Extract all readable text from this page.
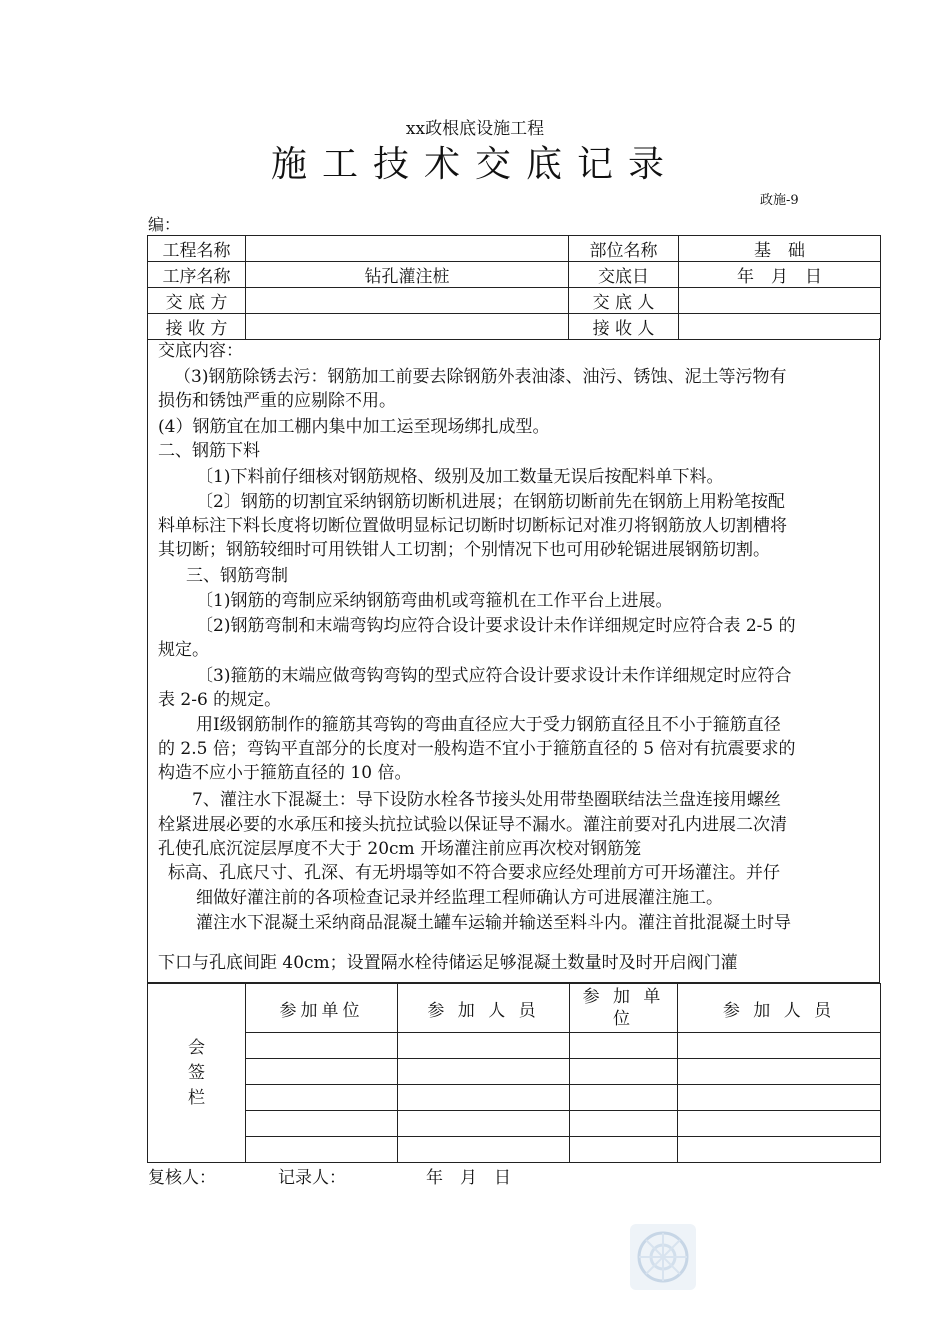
xx政根底设施工程
施工技术交底记录
政施-9
编：
工程名称		部位名称	基　础
工序名称	钻孔灌注桩	交底日	年　月　日
交 底 方		交 底 人	
接 收 方		接 收 人	
交底内容：
（3)钢筋除锈去污：钢筋加工前要去除钢筋外表油漆、油污、锈蚀、泥土等污物有
损伤和锈蚀严重的应剔除不用。
(4）钢筋宜在加工棚内集中加工运至现场绑扎成型。
二、钢筋下料
〔1)下料前仔细核对钢筋规格、级别及加工数量无误后按配料单下料。
〔2〕钢筋的切割宜采纳钢筋切断机进展；在钢筋切断前先在钢筋上用粉笔按配
料单标注下料长度将切断位置做明显标记切断时切断标记对准刃将钢筋放人切割槽将
其切断；钢筋较细时可用铁钳人工切割；个别情况下也可用砂轮锯进展钢筋切割。
三、钢筋弯制
〔1)钢筋的弯制应采纳钢筋弯曲机或弯箍机在工作平台上进展。
〔2)钢筋弯制和末端弯钩均应符合设计要求设计未作详细规定时应符合表 2-5 的
规定。
〔3)箍筋的末端应做弯钩弯钩的型式应符合设计要求设计未作详细规定时应符合
表 2-6 的规定。
用Ⅰ级钢筋制作的箍筋其弯钩的弯曲直径应大于受力钢筋直径且不小于箍筋直径
的 2.5 倍；弯钩平直部分的长度对一般构造不宜小于箍筋直径的 5 倍对有抗震要求的
构造不应小于箍筋直径的 10 倍。
7、灌注水下混凝土：导下设防水栓各节接头处用带垫圈联结法兰盘连接用螺丝
栓紧进展必要的水承压和接头抗拉试验以保证导不漏水。灌注前要对孔内进展二次清
孔使孔底沉淀层厚度不大于 20cm 开场灌注前应再次校对钢筋笼
标高、孔底尺寸、孔深、有无坍塌等如不符合要求应经处理前方可开场灌注。并仔
细做好灌注前的各项检查记录并经监理工程师确认方可进展灌注施工。
灌注水下混凝土采纳商品混凝土罐车运输并输送至料斗内。灌注首批混凝土时导
下口与孔底间距 40cm；设置隔水栓待储运足够混凝土数量时及时开启阀门灌
会
签
栏	参加单位	参 加 人 员	参 加 单 位	参 加 人 员

复核人：	记录人：	年　月　日
